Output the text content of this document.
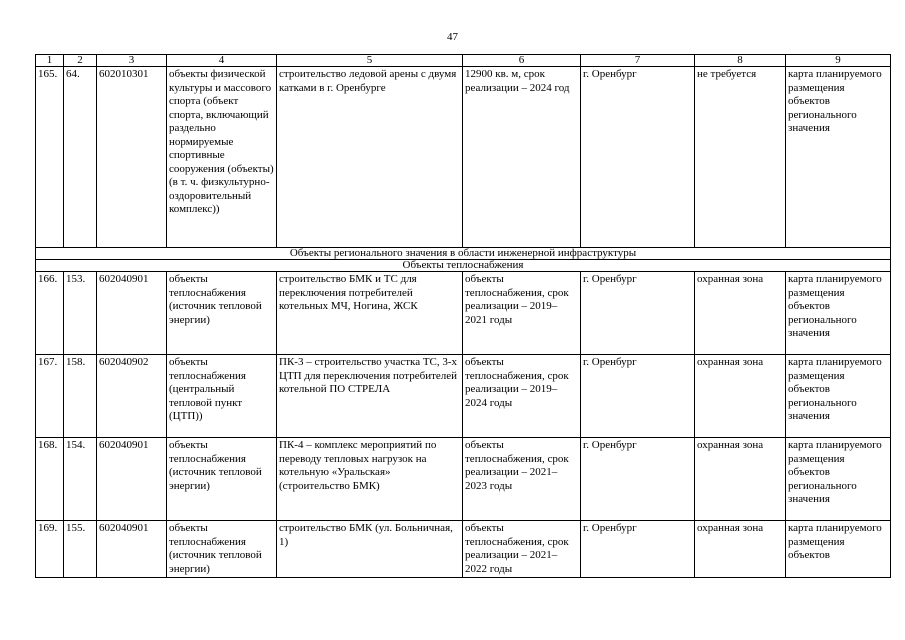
47
1	2	3	4	5	6	7	8	9
165.	64.	602010301	объекты физической культуры и массового спорта (объект спорта, включающий раздельно нормируемые спортивные сооружения (объекты) (в т. ч. физкультурно-оздоровительный комплекс))	строительство ледовой арены с двумя катками в г. Оренбурге	12900 кв. м, срок реализации – 2024 год	г. Оренбург	не требуется	карта планируемого размещения объектов регионального значения
Объекты регионального значения в области инженерной инфраструктуры								
Объекты теплоснабжения								
166.	153.	602040901	объекты теплоснабжения (источник тепловой энергии)	строительство БМК и ТС для переключения потребителей котельных МЧ, Ногина, ЖСК	объекты теплоснабжения, срок реализации – 2019–2021 годы	г. Оренбург	охранная зона	карта планируемого размещения объектов регионального значения
167.	158.	602040902	объекты теплоснабжения (центральный тепловой пункт (ЦТП))	ПК-3 – строительство участка ТС, 3-х ЦТП для переключения потребителей котельной ПО СТРЕЛА	объекты теплоснабжения, срок реализации – 2019–2024 годы	г. Оренбург	охранная зона	карта планируемого размещения объектов регионального значения
168.	154.	602040901	объекты теплоснабжения (источник тепловой энергии)	ПК-4 – комплекс мероприятий по переводу тепловых нагрузок на котельную «Уральская» (строительство БМК)	объекты теплоснабжения, срок реализации – 2021–2023 годы	г. Оренбург	охранная зона	карта планируемого размещения объектов регионального значения
169.	155.	602040901	объекты теплоснабжения (источник тепловой энергии)	строительство БМК (ул. Больничная, 1)	объекты теплоснабжения, срок реализации – 2021–2022 годы	г. Оренбург	охранная зона	карта планируемого размещения объектов
